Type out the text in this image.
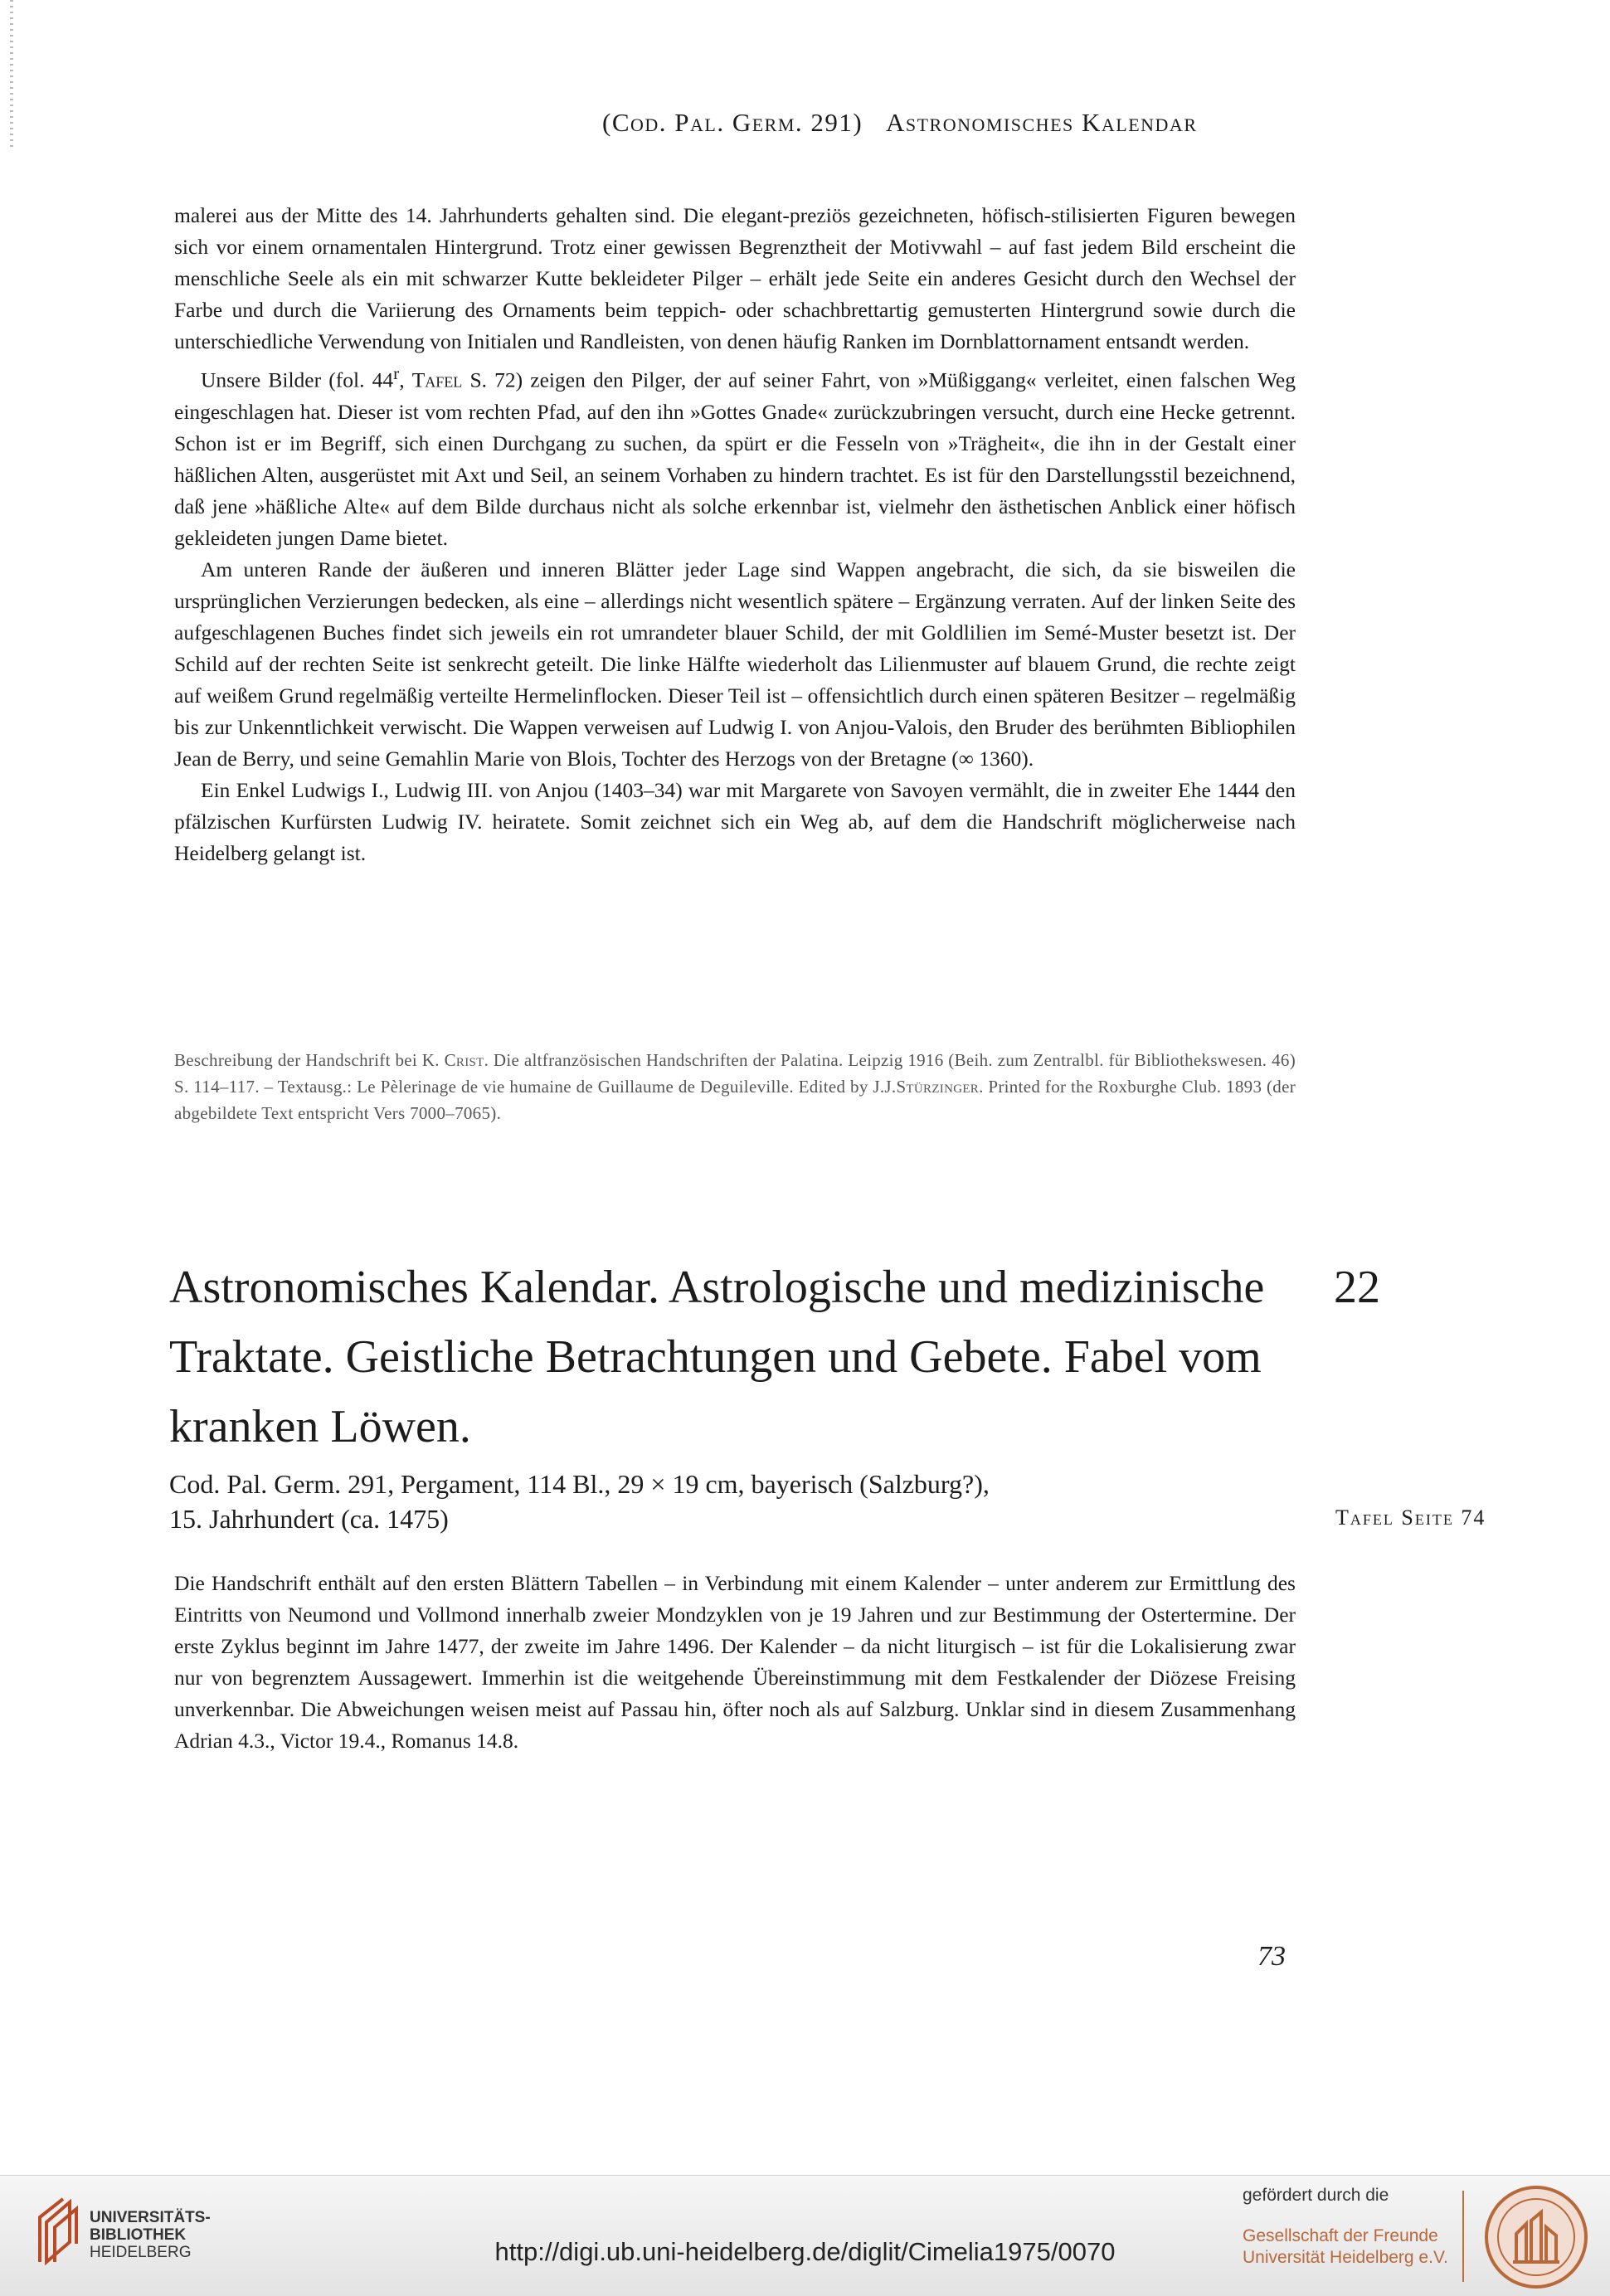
(Cod. Pal. Germ. 291) Astronomisches Kalendar

malerei aus der Mitte des 14. Jahrhunderts gehalten sind. Die elegant-preziös gezeichneten, höfisch-stilisierten Figuren bewegen sich vor einem ornamentalen Hintergrund. Trotz einer gewissen Begrenztheit der Motivwahl – auf fast jedem Bild erscheint die menschliche Seele als ein mit schwarzer Kutte bekleideter Pilger – erhält jede Seite ein anderes Gesicht durch den Wechsel der Farbe und durch die Variierung des Ornaments beim teppich- oder schachbrettartig gemusterten Hintergrund sowie durch die unterschiedliche Verwendung von Initialen und Randleisten, von denen häufig Ranken im Dornblattornament entsandt werden.

Unsere Bilder (fol. 44$^r$, Tafel S. 72) zeigen den Pilger, der auf seiner Fahrt, von »Müßiggang« verleitet, einen falschen Weg eingeschlagen hat. Dieser ist vom rechten Pfad, auf den ihn »Gottes Gnade« zurückzubringen versucht, durch eine Hecke getrennt. Schon ist er im Begriff, sich einen Durchgang zu suchen, da spürt er die Fesseln von »Trägheit«, die ihn in der Gestalt einer häßlichen Alten, ausgerüstet mit Axt und Seil, an seinem Vorhaben zu hindern trachtet. Es ist für den Darstellungsstil bezeichnend, daß jene »häßliche Alte« auf dem Bilde durchaus nicht als solche erkennbar ist, vielmehr den ästhetischen Anblick einer höfisch gekleideten jungen Dame bietet.

Am unteren Rande der äußeren und inneren Blätter jeder Lage sind Wappen angebracht, die sich, da sie bisweilen die ursprünglichen Verzierungen bedecken, als eine – allerdings nicht wesentlich spätere – Ergänzung verraten. Auf der linken Seite des aufgeschlagenen Buches findet sich jeweils ein rot umrandeter blauer Schild, der mit Goldlilien im Semé-Muster besetzt ist. Der Schild auf der rechten Seite ist senkrecht geteilt. Die linke Hälfte wiederholt das Lilienmuster auf blauem Grund, die rechte zeigt auf weißem Grund regelmäßig verteilte Hermelinflocken. Dieser Teil ist – offensichtlich durch einen späteren Besitzer – regelmäßig bis zur Unkenntlichkeit verwischt. Die Wappen verweisen auf Ludwig I. von Anjou-Valois, den Bruder des berühmten Bibliophilen Jean de Berry, und seine Gemahlin Marie von Blois, Tochter des Herzogs von der Bretagne (∞ 1360).

Ein Enkel Ludwigs I., Ludwig III. von Anjou (1403–34) war mit Margarete von Savoyen vermählt, die in zweiter Ehe 1444 den pfälzischen Kurfürsten Ludwig IV. heiratete. Somit zeichnet sich ein Weg ab, auf dem die Handschrift möglicherweise nach Heidelberg gelangt ist.

Beschreibung der Handschrift bei K. Crist. Die altfranzösischen Handschriften der Palatina. Leipzig 1916 (Beih. zum Zentralbl. für Bibliothekswesen. 46) S. 114–117. – Textausg.: Le Pèlerinage de vie humaine de Guillaume de Deguileville. Edited by J.J.Stürzinger. Printed for the Roxburghe Club. 1893 (der abgebildete Text entspricht Vers 7000–7065).
Astronomisches Kalendar. Astrologische und medizinische Traktate. Geistliche Betrachtungen und Gebete. Fabel vom kranken Löwen.
22
Cod. Pal. Germ. 291, Pergament, 114 Bl., 29 × 19 cm, bayerisch (Salzburg?),
15. Jahrhundert (ca. 1475)	Tafel Seite 74

Die Handschrift enthält auf den ersten Blättern Tabellen – in Verbindung mit einem Kalender – unter anderem zur Ermittlung des Eintritts von Neumond und Vollmond innerhalb zweier Mondzyklen von je 19 Jahren und zur Bestimmung der Ostertermine. Der erste Zyklus beginnt im Jahre 1477, der zweite im Jahre 1496. Der Kalender – da nicht liturgisch – ist für die Lokalisierung zwar nur von begrenztem Aussagewert. Immerhin ist die weitgehende Übereinstimmung mit dem Festkalender der Diözese Freising unverkennbar. Die Abweichungen weisen meist auf Passau hin, öfter noch als auf Salzburg. Unklar sind in diesem Zusammenhang Adrian 4.3., Victor 19.4., Romanus 14.8.

73
UNIVERSITÄTS-
BIBLIOTHEK
HEIDELBERG	http://digi.ub.uni-heidelberg.de/diglit/Cimelia1975/0070
gefördert durch die
Gesellschaft der Freunde
Universität Heidelberg e.V.
